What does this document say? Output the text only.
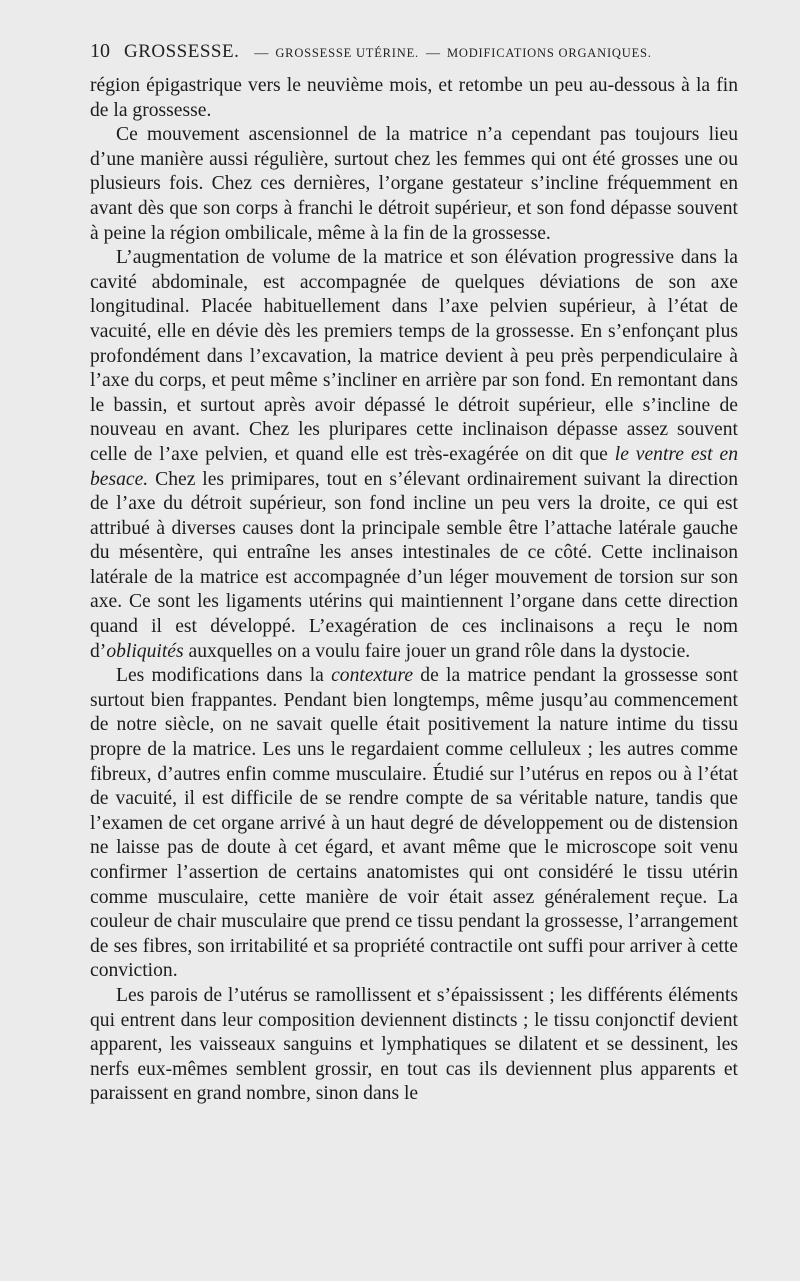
10 GROSSESSE. — GROSSESSE UTÉRINE. — MODIFICATIONS ORGANIQUES.

région épigastrique vers le neuvième mois, et retombe un peu au-dessous à la fin de la grossesse.

Ce mouvement ascensionnel de la matrice n’a cependant pas toujours lieu d’une manière aussi régulière, surtout chez les femmes qui ont été grosses une ou plusieurs fois. Chez ces dernières, l’organe gestateur s’incline fréquemment en avant dès que son corps à franchi le détroit supérieur, et son fond dépasse souvent à peine la région ombilicale, même à la fin de la grossesse.

L’augmentation de volume de la matrice et son élévation progressive dans la cavité abdominale, est accompagnée de quelques déviations de son axe longitudinal. Placée habituellement dans l’axe pelvien supérieur, à l’état de vacuité, elle en dévie dès les premiers temps de la grossesse. En s’enfonçant plus profondément dans l’excavation, la matrice devient à peu près perpendiculaire à l’axe du corps, et peut même s’incliner en arrière par son fond. En remontant dans le bassin, et surtout après avoir dépassé le détroit supérieur, elle s’incline de nouveau en avant. Chez les pluripares cette inclinaison dépasse assez souvent celle de l’axe pelvien, et quand elle est très-exagérée on dit que le ventre est en besace. Chez les primipares, tout en s’élevant ordinairement suivant la direction de l’axe du détroit supérieur, son fond incline un peu vers la droite, ce qui est attribué à diverses causes dont la principale semble être l’attache latérale gauche du mésentère, qui entraîne les anses intestinales de ce côté. Cette inclinaison latérale de la matrice est accompagnée d’un léger mouvement de torsion sur son axe. Ce sont les ligaments utérins qui maintiennent l’organe dans cette direction quand il est développé. L’exagération de ces inclinaisons a reçu le nom d’obliquités auxquelles on a voulu faire jouer un grand rôle dans la dystocie.

Les modifications dans la contexture de la matrice pendant la grossesse sont surtout bien frappantes. Pendant bien longtemps, même jusqu’au commencement de notre siècle, on ne savait quelle était positivement la nature intime du tissu propre de la matrice. Les uns le regardaient comme celluleux ; les autres comme fibreux, d’autres enfin comme musculaire. Étudié sur l’utérus en repos ou à l’état de vacuité, il est difficile de se rendre compte de sa véritable nature, tandis que l’examen de cet organe arrivé à un haut degré de développement ou de distension ne laisse pas de doute à cet égard, et avant même que le microscope soit venu confirmer l’assertion de certains anatomistes qui ont considéré le tissu utérin comme musculaire, cette manière de voir était assez généralement reçue. La couleur de chair musculaire que prend ce tissu pendant la grossesse, l’arrangement de ses fibres, son irritabilité et sa propriété contractile ont suffi pour arriver à cette conviction.

Les parois de l’utérus se ramollissent et s’épaississent ; les différents éléments qui entrent dans leur composition deviennent distincts ; le tissu conjonctif devient apparent, les vaisseaux sanguins et lymphatiques se dilatent et se dessinent, les nerfs eux-mêmes semblent grossir, en tout cas ils deviennent plus apparents et paraissent en grand nombre, sinon dans le
